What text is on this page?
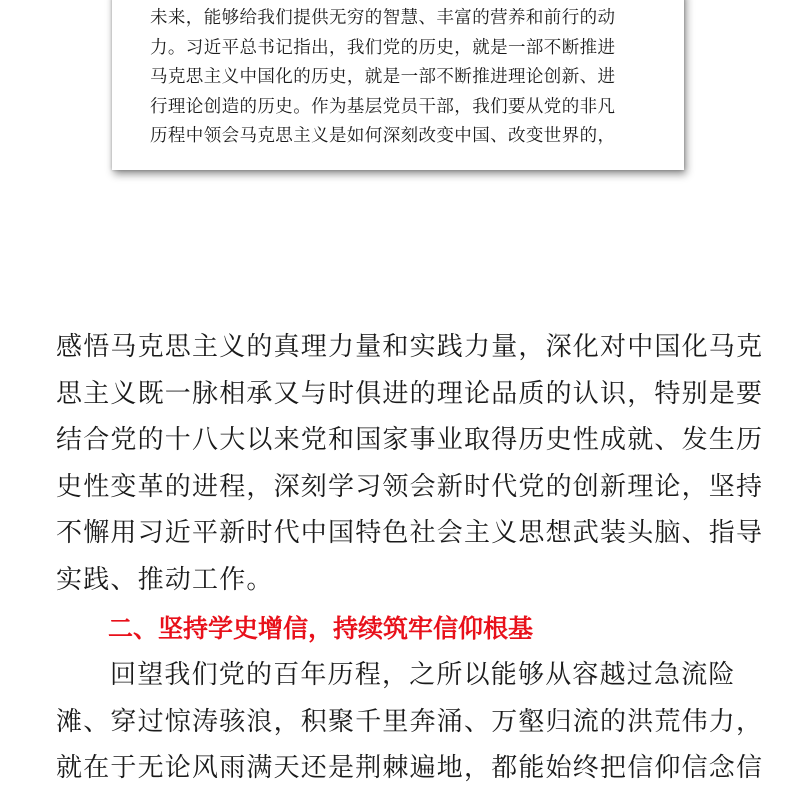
未来，能够给我们提供无穷的智慧、丰富的营养和前行的动
力。习近平总书记指出，我们党的历史，就是一部不断推进
马克思主义中国化的历史，就是一部不断推进理论创新、进
行理论创造的历史。作为基层党员干部，我们要从党的非凡
历程中领会马克思主义是如何深刻改变中国、改变世界的，
感悟马克思主义的真理力量和实践力量，深化对中国化马克
思主义既一脉相承又与时俱进的理论品质的认识，特别是要
结合党的十八大以来党和国家事业取得历史性成就、发生历
史性变革的进程，深刻学习领会新时代党的创新理论，坚持
不懈用习近平新时代中国特色社会主义思想武装头脑、指导
实践、推动工作。
二、坚持学史增信，持续筑牢信仰根基
回望我们党的百年历程，之所以能够从容越过急流险
滩、穿过惊涛骇浪，积聚千里奔涌、万壑归流的洪荒伟力，
就在于无论风雨满天还是荆棘遍地，都能始终把信仰信念信
